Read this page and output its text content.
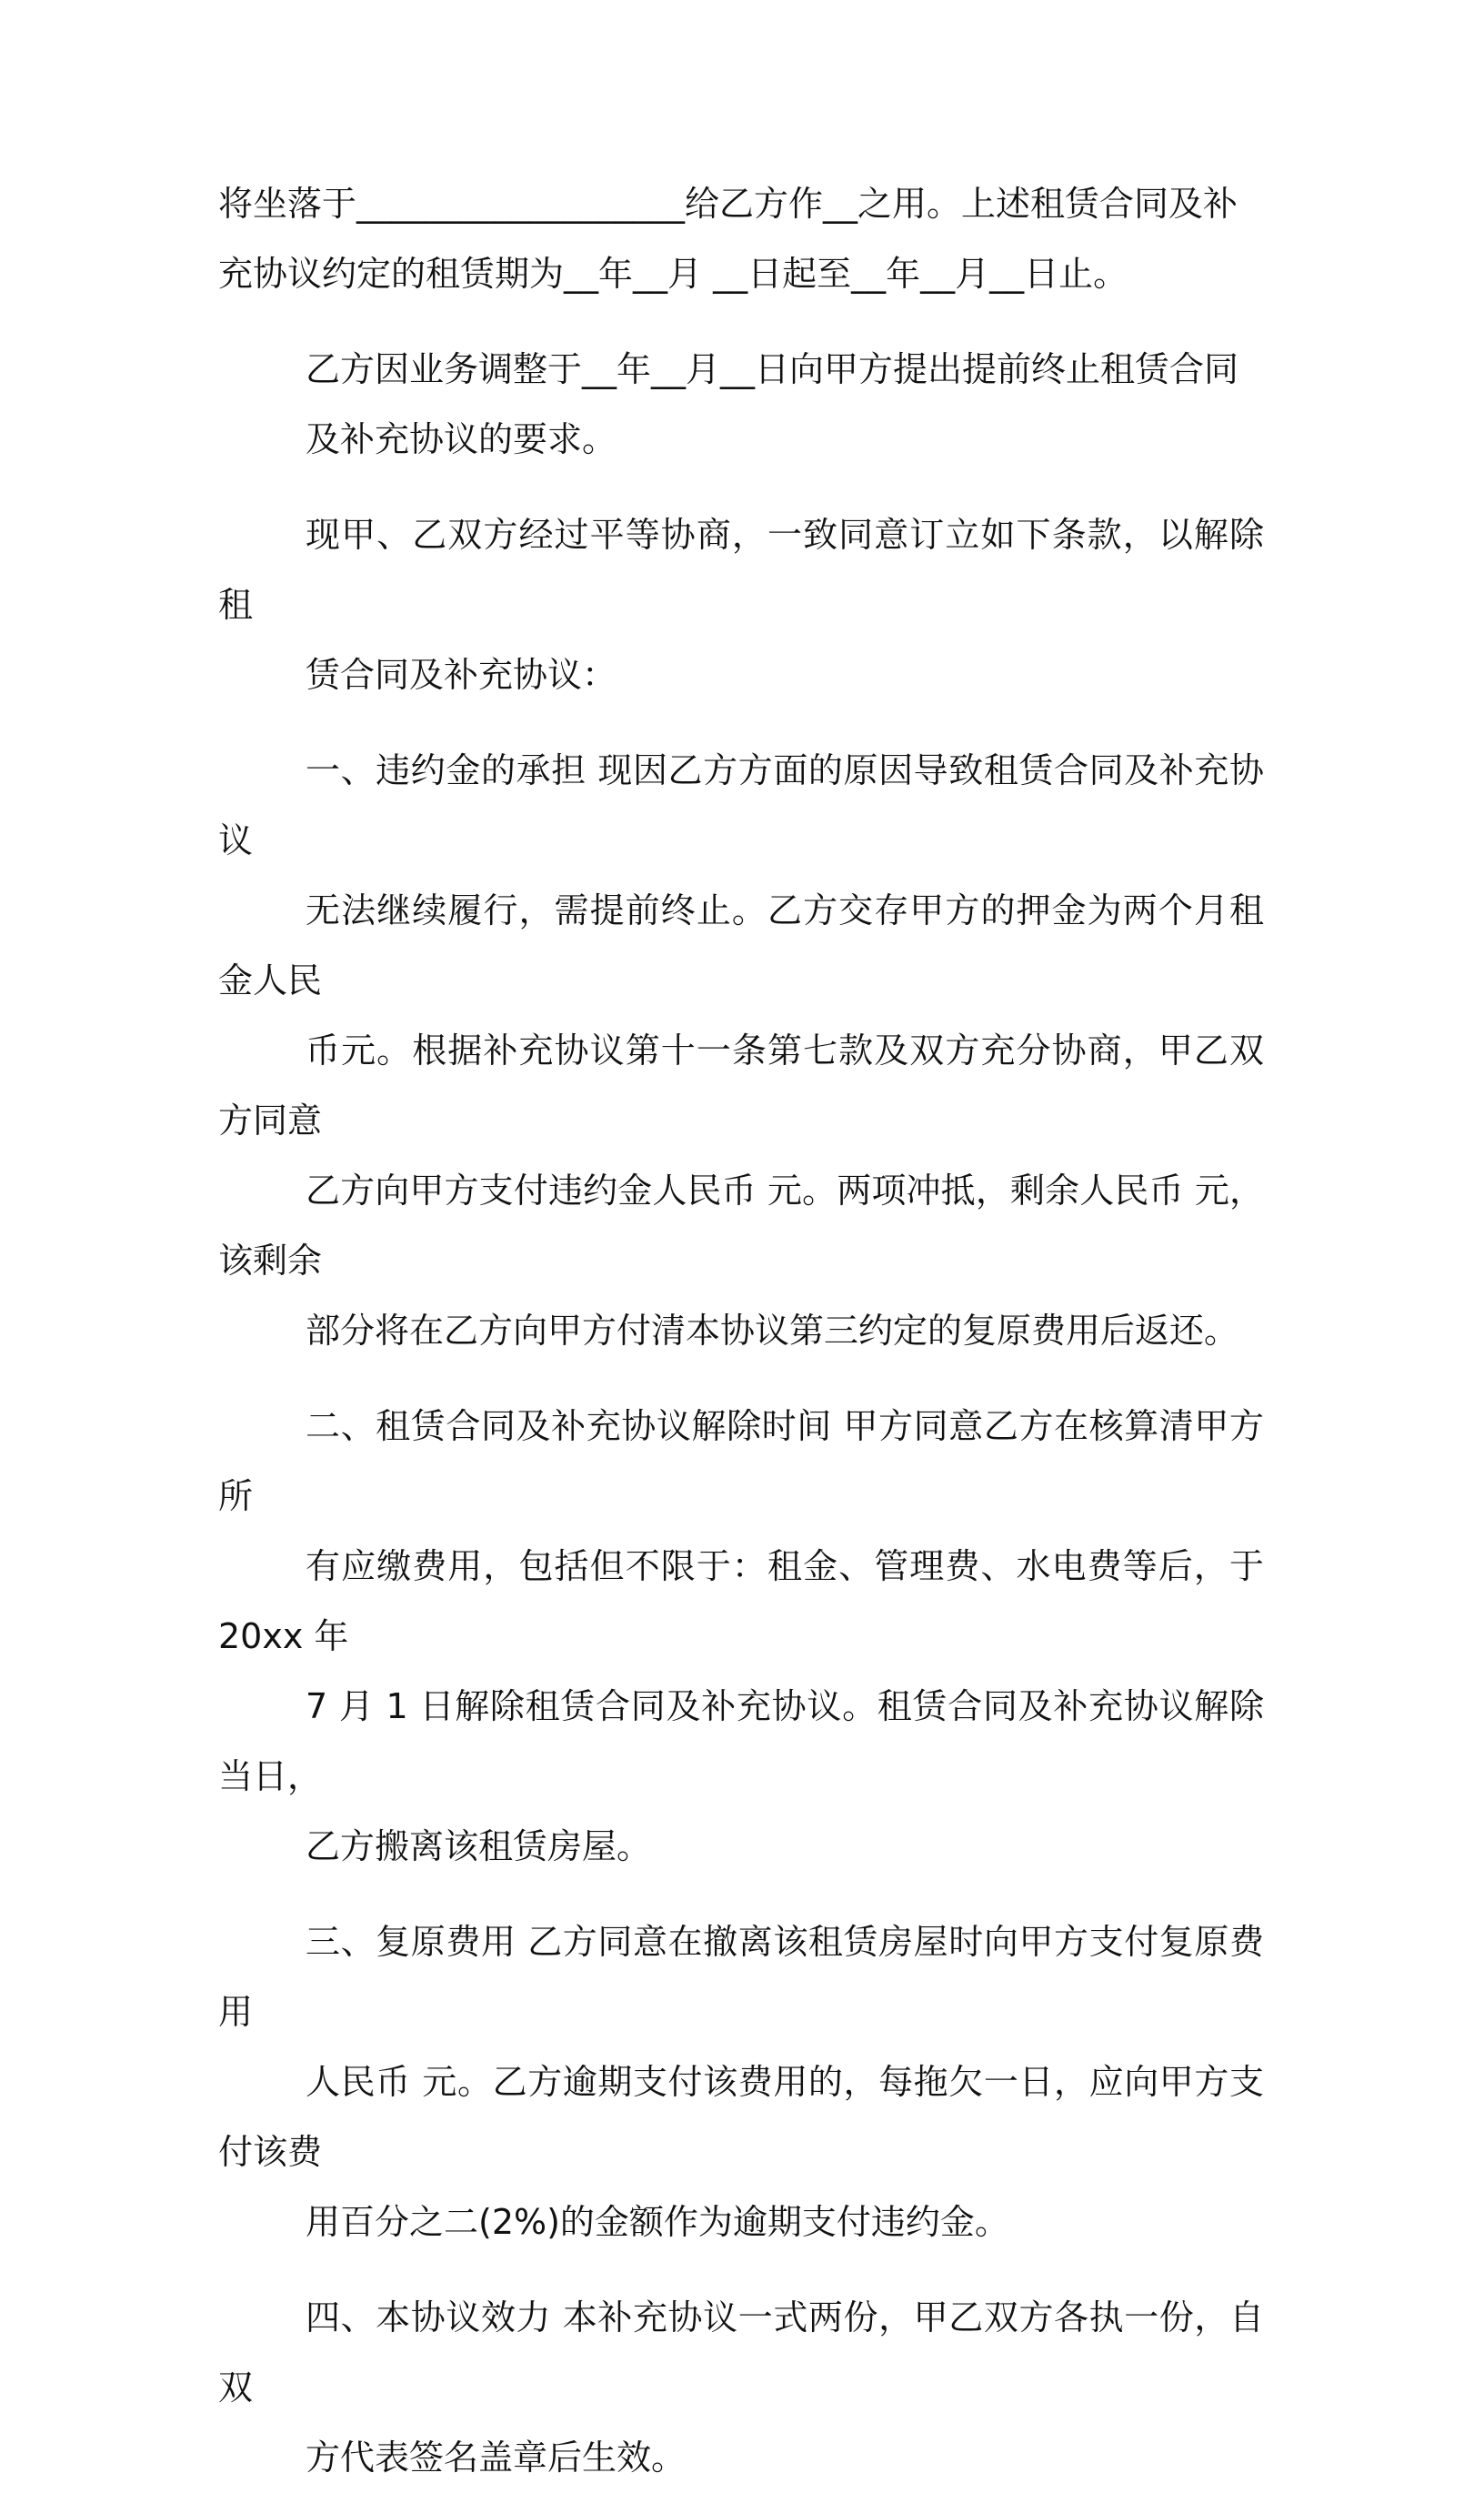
将坐落于___________________给乙方作__之用。上述租赁合同及补
充协议约定的租赁期为__年__月 __日起至__年__月__日止。

乙方因业务调整于__年__月__日向甲方提出提前终止租赁合同
及补充协议的要求。

现甲、乙双方经过平等协商，一致同意订立如下条款，以解除租
赁合同及补充协议：

一、违约金的承担 现因乙方方面的原因导致租赁合同及补充协议
无法继续履行，需提前终止。乙方交存甲方的押金为两个月租金人民
币元。根据补充协议第十一条第七款及双方充分协商，甲乙双方同意
乙方向甲方支付违约金人民币 元。两项冲抵，剩余人民币 元，该剩余
部分将在乙方向甲方付清本协议第三约定的复原费用后返还。

二、租赁合同及补充协议解除时间 甲方同意乙方在核算清甲方所
有应缴费用，包括但不限于：租金、管理费、水电费等后，于 20xx 年
7 月 1 日解除租赁合同及补充协议。租赁合同及补充协议解除当日，
乙方搬离该租赁房屋。

三、复原费用 乙方同意在撤离该租赁房屋时向甲方支付复原费用
人民币 元。乙方逾期支付该费用的，每拖欠一日，应向甲方支付该费
用百分之二(2%)的金额作为逾期支付违约金。

四、本协议效力 本补充协议一式两份，甲乙双方各执一份，自双
方代表签名盖章后生效。
